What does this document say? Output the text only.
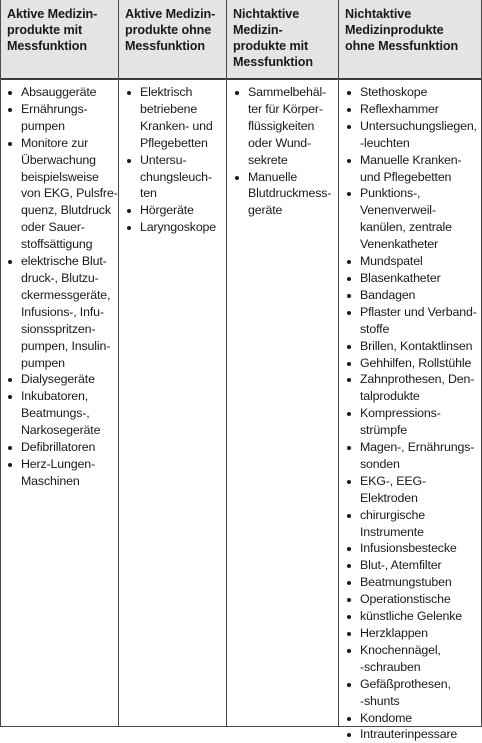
Aktive Medizin-
produkte mit
Messfunktion
Aktive Medizin-
produkte ohne
Messfunktion
Nichtaktive
Medizin-
produkte mit
Messfunktion
Nichtaktive
Medizinprodukte
ohne Messfunktion
Absauggeräte
Ernährungs-
pumpen
Monitore zur
Überwachung
beispielsweise
von EKG, Pulsfre-
quenz, Blutdruck
oder Sauer-
stoffsättigung
elektrische Blut-
druck-, Blutzu-
ckermessgeräte,
Infusions-, Infu-
sionsspritzen-
pumpen, Insulin-
pumpen
Dialysegeräte
Inkubatoren,
Beatmungs-,
Narkosegeräte
Defibrillatoren
Herz-Lungen-
Maschinen
Elektrisch
betriebene
Kranken- und
Pflegebetten
Untersu-
chungsleuch-
ten
Hörgeräte
Laryngoskope
Sammelbehäl-
ter für Körper-
flüssigkeiten
oder Wund-
sekrete
Manuelle
Blutdruckmess-
geräte
Stethoskope
Reflexhammer
Untersuchungsliegen,
-leuchten
Manuelle Kranken-
und Pflegebetten
Punktions-,
Venenverweil-
kanülen, zentrale
Venenkatheter
Mundspatel
Blasenkatheter
Bandagen
Pflaster und Verband-
stoffe
Brillen, Kontaktlinsen
Gehhilfen, Rollstühle
Zahnprothesen, Den-
talprodukte
Kompressions-
strümpfe
Magen-, Ernährungs-
sonden
EKG-, EEG-Elektroden
chirurgische
Instrumente
Infusionsbestecke
Blut-, Atemfilter
Beatmungstuben
Operationstische
künstliche Gelenke
Herzklappen
Knochennägel,
-schrauben
Gefäßprothesen,
-shunts
Kondome
Intrauterinpessare
